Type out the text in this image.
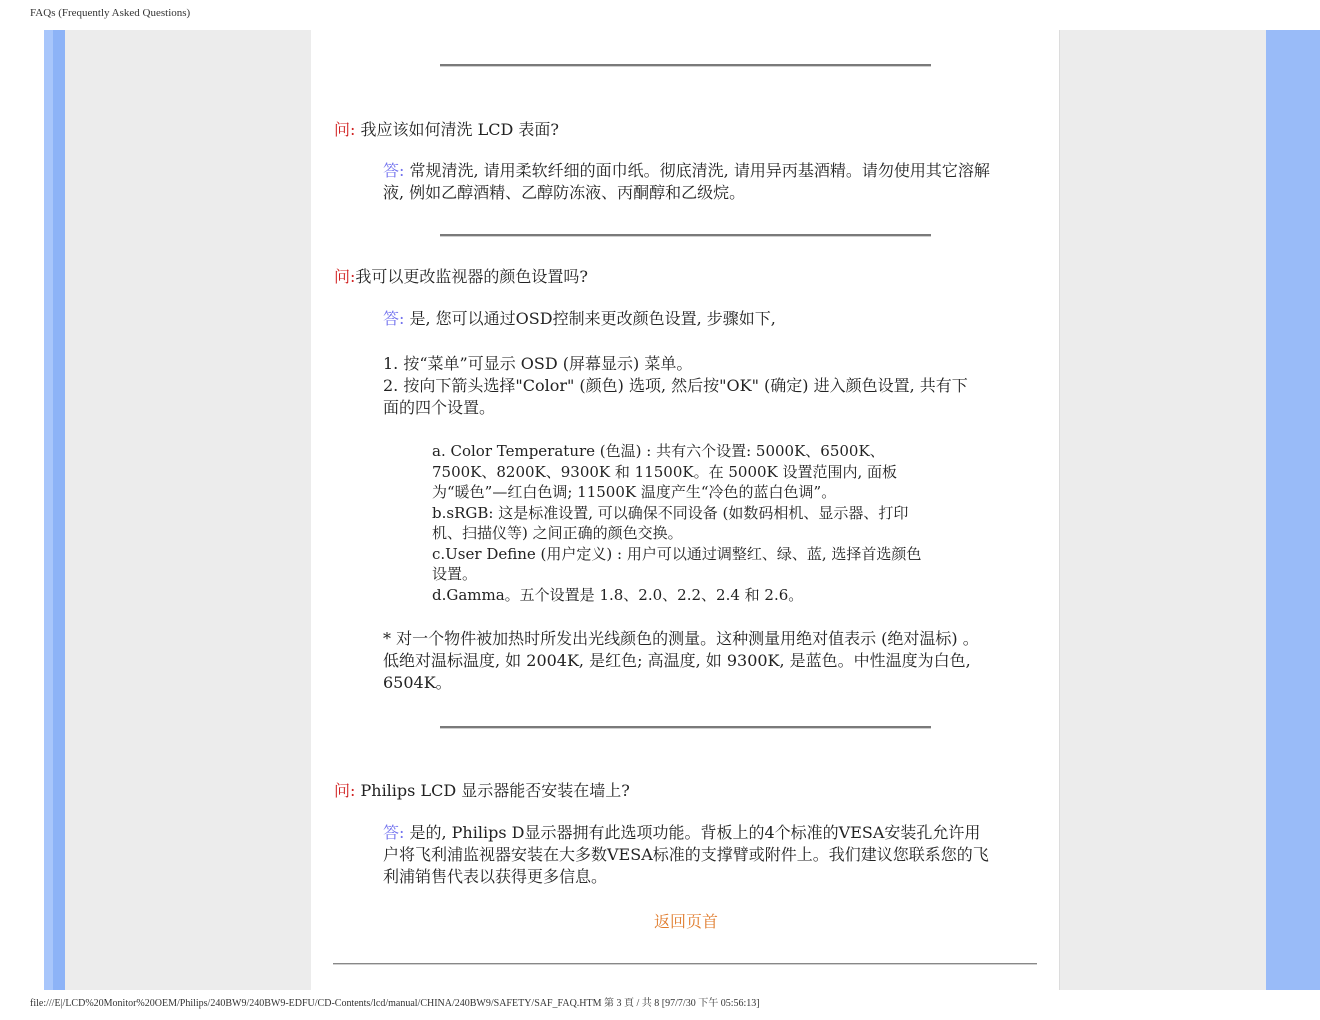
FAQs (Frequently Asked Questions)
问: 我应该如何清洗 LCD 表面?
答: 常规清洗, 请用柔软纤细的面巾纸。彻底清洗, 请用异丙基酒精。请勿使用其它溶解液, 例如乙醇酒精、乙醇防冻液、丙酮醇和乙级烷。
问:我可以更改监视器的颜色设置吗?
答: 是, 您可以通过OSD控制来更改颜色设置, 步骤如下,
1. 按“菜单”可显示 OSD (屏幕显示) 菜单。
2. 按向下箭头选择"Color" (颜色) 选项, 然后按"OK" (确定) 进入颜色设置, 共有下面的四个设置。
a. Color Temperature (色温) : 共有六个设置: 5000K、6500K、7500K、8200K、9300K 和 11500K。在 5000K 设置范围内, 面板为“暖色”—红白色调; 11500K 温度产生“冷色的蓝白色调”。
b.sRGB: 这是标准设置, 可以确保不同设备 (如数码相机、显示器、打印机、扫描仪等) 之间正确的颜色交换。
c.User Define (用户定义) : 用户可以通过调整红、绿、蓝, 选择首选颜色设置。
d.Gamma。五个设置是 1.8、2.0、2.2、2.4 和 2.6。
* 对一个物件被加热时所发出光线颜色的测量。这种测量用绝对值表示 (绝对温标) 。低绝对温标温度, 如 2004K, 是红色; 高温度, 如 9300K, 是蓝色。中性温度为白色, 6504K。
问: Philips LCD 显示器能否安装在墙上?
答: 是的, Philips D显示器拥有此选项功能。背板上的4个标准的VESA安装孔允许用户将飞利浦监视器安装在大多数VESA标准的支撑臂或附件上。我们建议您联系您的飞利浦销售代表以获得更多信息。
返回页首
file:///E|/LCD%20Monitor%20OEM/Philips/240BW9/240BW9-EDFU/CD-Contents/lcd/manual/CHINA/240BW9/SAFETY/SAF_FAQ.HTM 第 3 頁 / 共 8 [97/7/30 下午 05:56:13]
